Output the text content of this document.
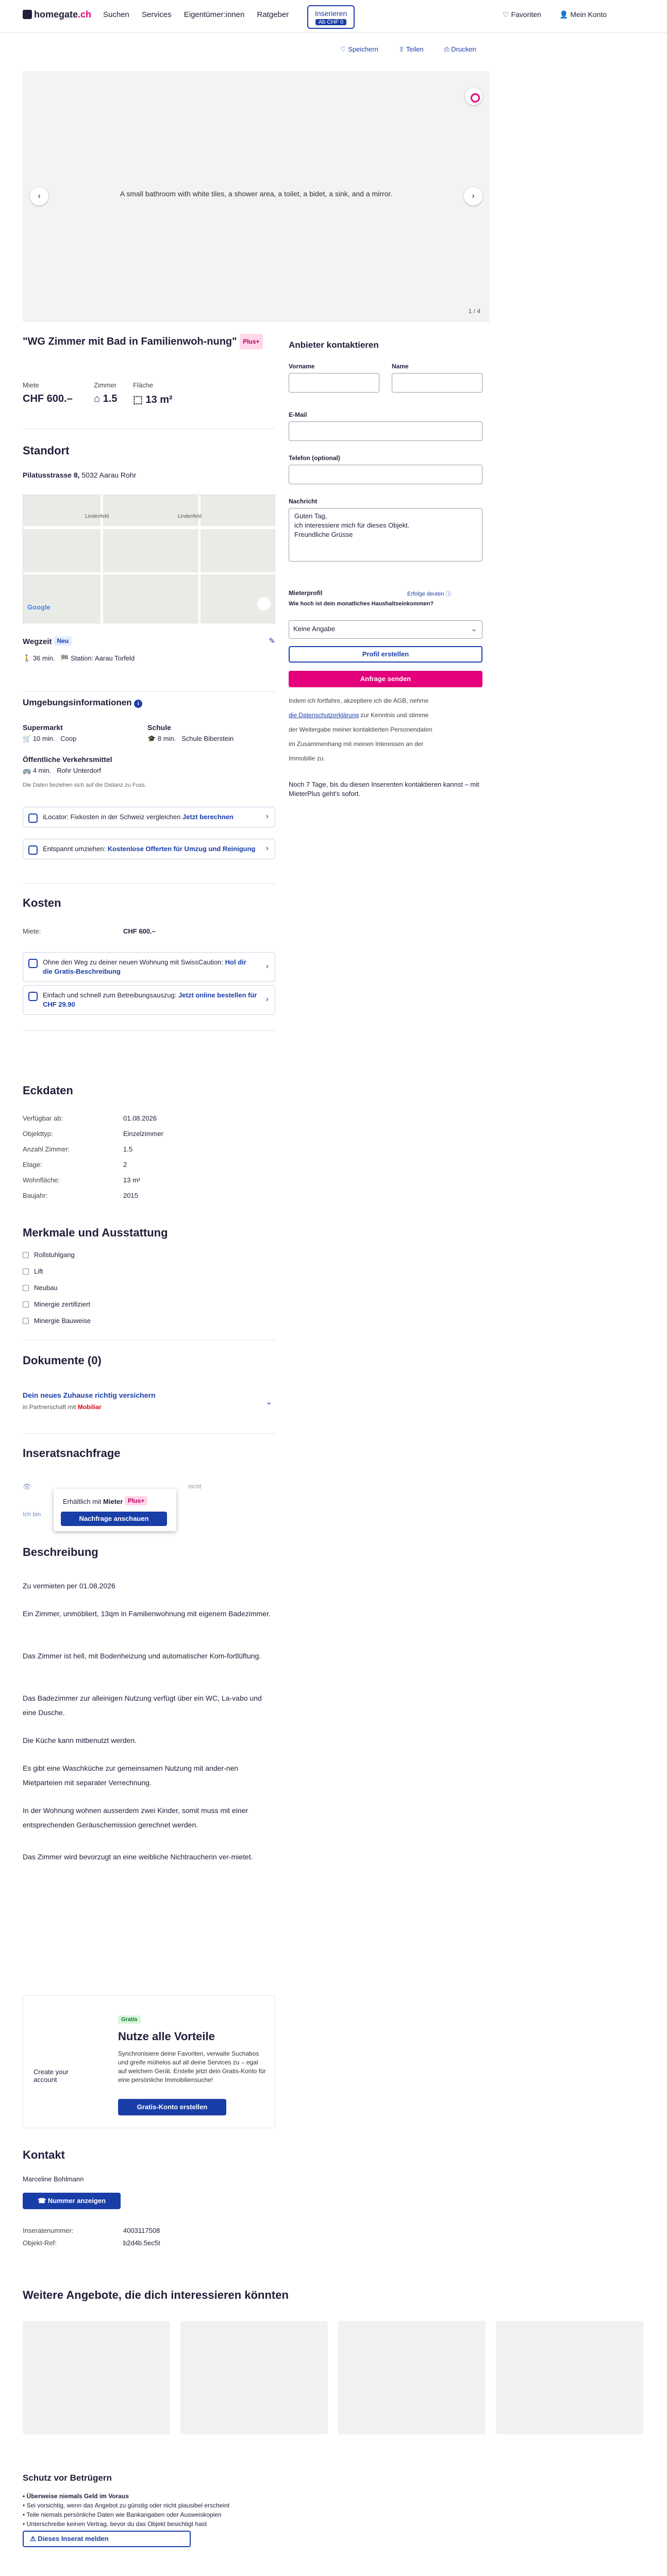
homegate.ch Suchen Services Eigentümer:innen Ratgeber	Inserieren
Ab CHF 0
♡ Favoriten	👤 Mein Konto
♡ Speichern	⇪ Teilen	⎙ Drucken
A small bathroom with white tiles, a shower area, a toilet, a bidet, a sink, and a mirror.
‹	›
1 / 4
"WG Zimmer mit Bad in Familienwoh-nung" Plus+
Miete
CHF 600.–
Zimmer
⌂ 1.5
Fläche
⬚ 13 m²
Standort
Pilatusstrasse 8, 5032 Aarau Rohr
Lindenfeld	Lindenfeld
Google
Wegzeit Neu	✎
🚶 36 min. 🏁 Station: Aarau Torfeld
Umgebungsinformationen i
Supermarkt
🛒 10 min. Coop
Schule
🎓 8 min. Schule Biberstein
Öffentliche Verkehrsmittel
🚌 4 min. Rohr Unterdorf
Die Daten beziehen sich auf die Distanz zu Fuss.
iLocator: Fixkosten in der Schweiz vergleichen Jetzt berechnen	›
Entspannt umziehen: Kostenlose Offerten für Umzug und Reinigung ›
Kosten
Miete:	CHF 600.–
Ohne den Weg zu deiner neuen Wohnung mit SwissCaution: Hol dir die Gratis-Beschreibung
›
Einfach und schnell zum Betreibungsauszug: Jetzt online bestellen für CHF 29.90
›
Eckdaten
Verfügbar ab:	01.08.2026
Objekttyp:	Einzelzimmer
Anzahl Zimmer:	1.5
Etage:	2
Wohnfläche:	13 m²
Baujahr:	2015
Merkmale und Ausstattung
Rollstuhlgang
Lift
Neubau
Minergie zertifiziert
Minergie Bauweise
Dokumente (0)
Dein neues Zuhause richtig versichern
in Partnerschaft mit Mobiliar
⌄
Inseratsnachfrage
👁	nicht
Ich bin
Erhältlich mit Mieter Plus+
Nachfrage anschauen
Beschreibung
Zu vermieten per 01.08.2026
Ein Zimmer, unmöbliert, 13qm in Familienwohnung mit eigenem Badezimmer.
Das Zimmer ist hell, mit Bodenheizung und automatischer Kom-fortlüftung.
Das Badezimmer zur alleinigen Nutzung verfügt über ein WC, La-vabo und eine Dusche.
Die Küche kann mitbenutzt werden.
Es gibt eine Waschküche zur gemeinsamen Nutzung mit ander-nen Mietparteien mit separater Verrechnung.
In der Wohnung wohnen ausserdem zwei Kinder, somit muss mit einer entsprechenden Geräuschemission gerechnet werden.
Das Zimmer wird bevorzugt an eine weibliche Nichtraucherin ver-mietet.
Create your account
Gratis
Nutze alle Vorteile
Synchronisiere deine Favoriten, verwalte Suchabos und greife mühelos auf all deine Services zu – egal auf welchem Gerät. Erstelle jetzt dein Gratis-Konto für eine persönliche Immobiliensuche!
Gratis-Konto erstellen
Kontakt
Marceline Bohlmann
☎ Nummer anzeigen
Inseratenummer:	4003117508
Objekt-Ref:	b2d4b.5ec5t
Weitere Angebote, die dich interessieren könnten
Schutz vor Betrügern
• Überweise niemals Geld im Voraus
• Sei vorsichtig, wenn das Angebot zu günstig oder nicht plausibel erscheint
• Teile niemals persönliche Daten wie Bankangaben oder Ausweiskopien
• Unterschreibe keinen Vertrag, bevor du das Objekt besichtigt hast
⚠ Dieses Inserat melden
Anbieter kontaktieren
Vorname	Name
E-Mail
Telefon (optional)
Nachricht
Guten Tag,
ich interessiere mich für dieses Objekt.
Freundliche Grüsse
Mieterprofil	Erfolge deuten ⓘ
Wie hoch ist dein monatliches Haushaltseinkommen?
Keine Angabe	⌄
Profil erstellen
Anfrage senden
Indem ich fortfahre, akzeptiere ich die AGB, nehme
die Datenschutzerklärung zur Kenntnis und stimme
der Weitergabe meiner kontaktierten Personendaten
im Zusammenhang mit meinen Interessen an der
Immobilie zu.
Noch 7 Tage, bis du diesen Inserenten kontaktieren kannst – mit MieterPlus geht's sofort.
